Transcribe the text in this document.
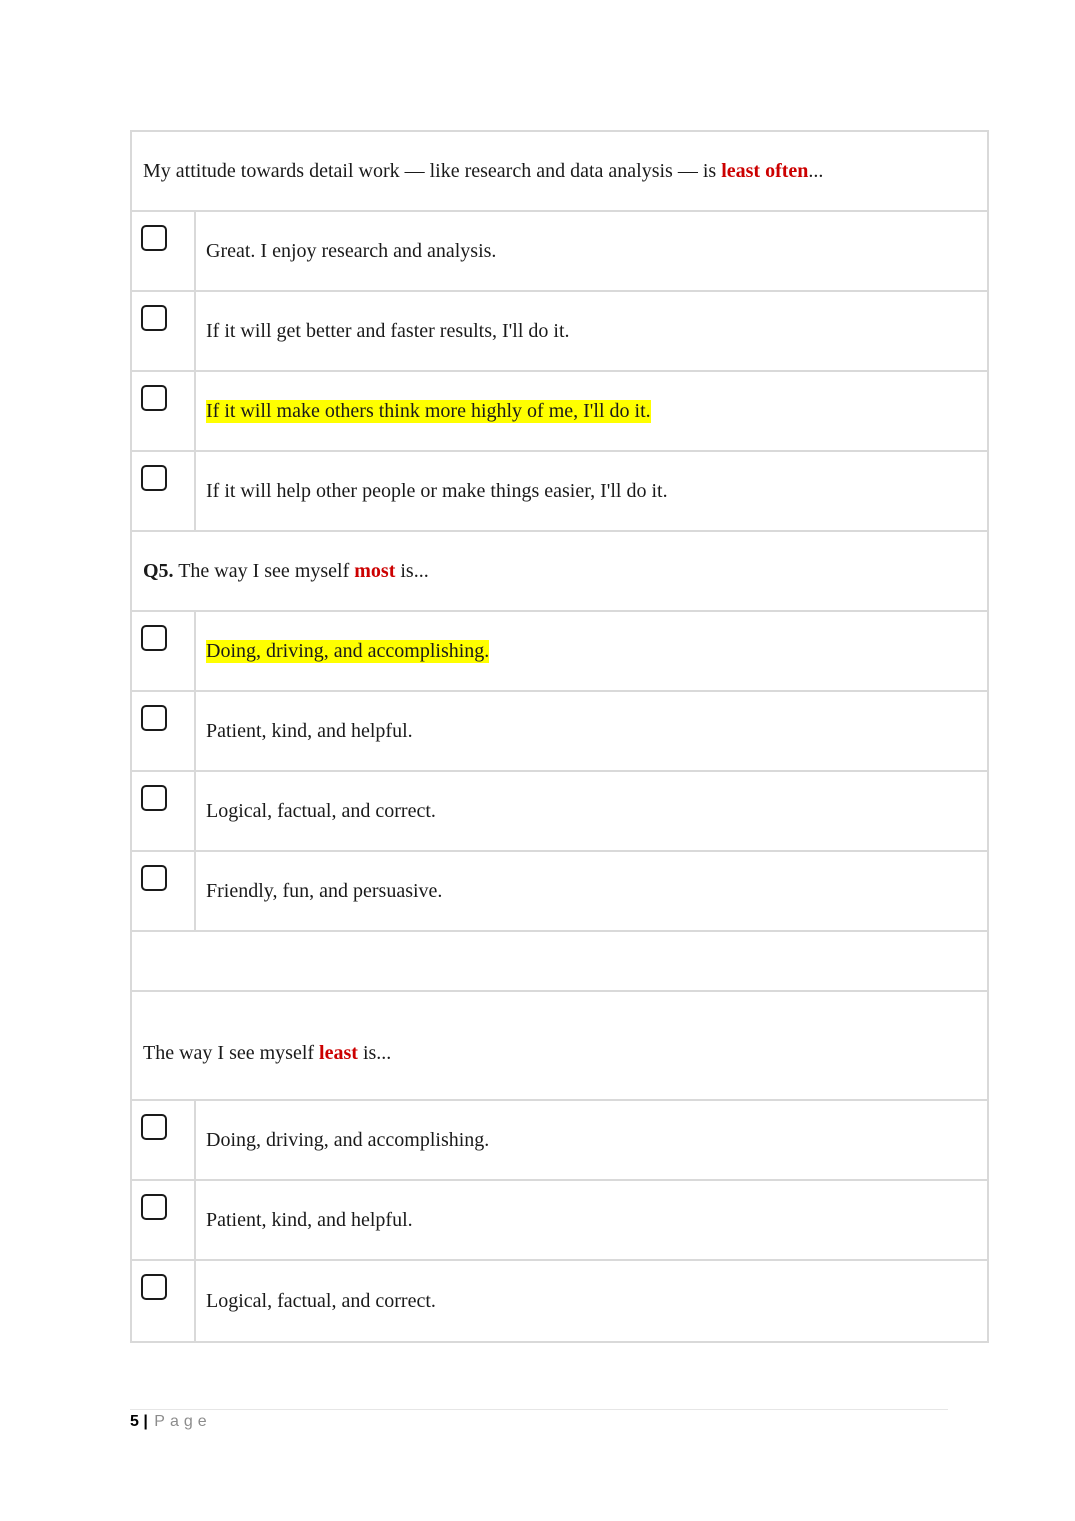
My attitude towards detail work — like research and data analysis — is least often...
Great. I enjoy research and analysis.
If it will get better and faster results, I'll do it.
If it will make others think more highly of me, I'll do it.
If it will help other people or make things easier, I'll do it.
Q5. The way I see myself most is...
Doing, driving, and accomplishing.
Patient, kind, and helpful.
Logical, factual, and correct.
Friendly, fun, and persuasive.
The way I see myself least is...
Doing, driving, and accomplishing.
Patient, kind, and helpful.
Logical, factual, and correct.
5 | Page
